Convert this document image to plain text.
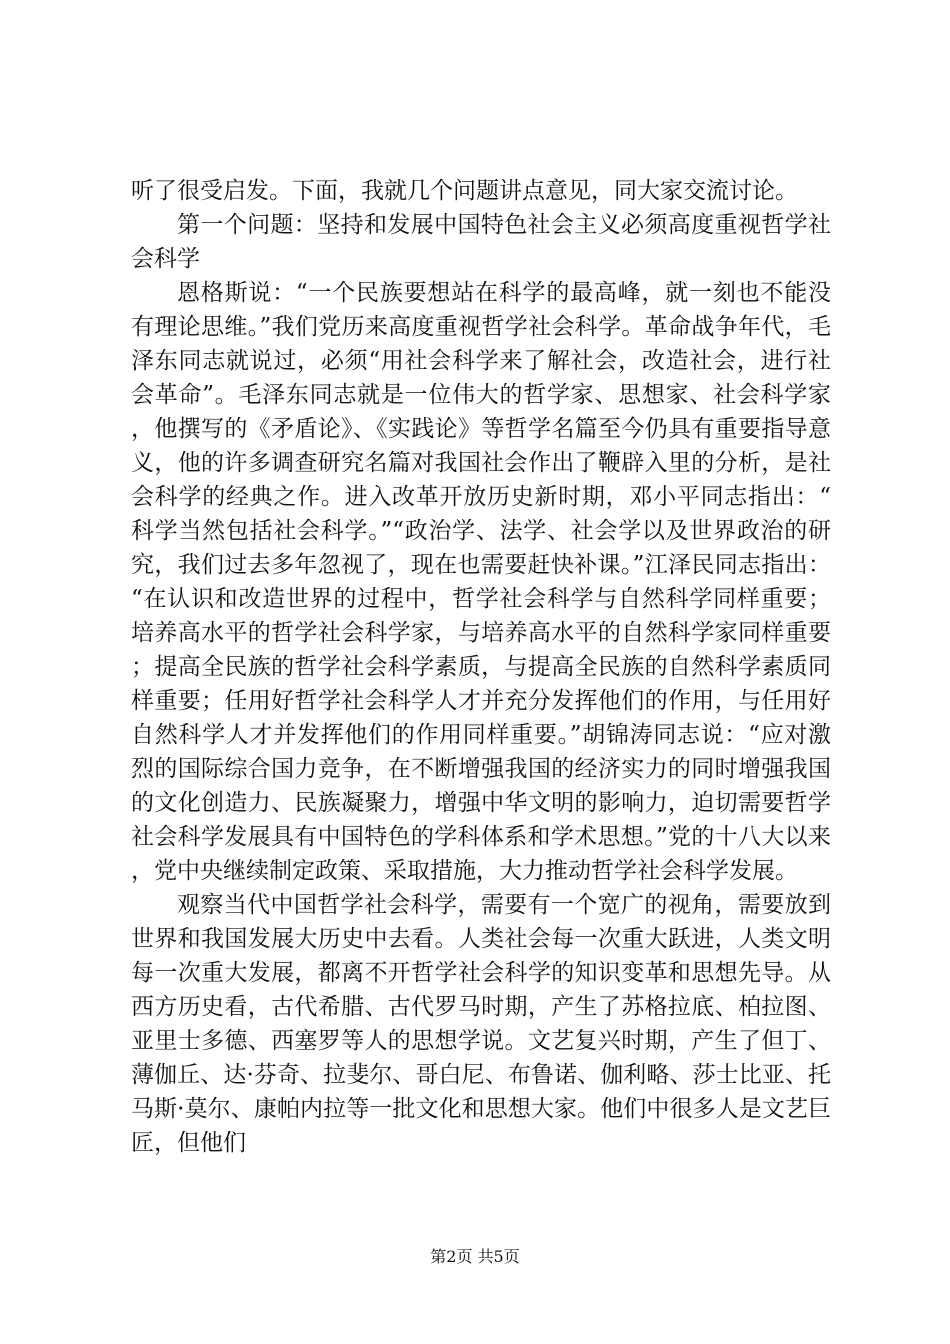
听了很受启发。下面，我就几个问题讲点意见，同大家交流讨论。

第一个问题：坚持和发展中国特色社会主义必须高度重视哲学社会科学

恩格斯说：“一个民族要想站在科学的最高峰，就一刻也不能没有理论思维。”我们党历来高度重视哲学社会科学。革命战争年代，毛泽东同志就说过，必须“用社会科学来了解社会，改造社会，进行社会革命”。毛泽东同志就是一位伟大的哲学家、思想家、社会科学家，他撰写的《矛盾论》、《实践论》等哲学名篇至今仍具有重要指导意义，他的许多调查研究名篇对我国社会作出了鞭辟入里的分析，是社会科学的经典之作。进入改革开放历史新时期，邓小平同志指出：“科学当然包括社会科学。”“政治学、法学、社会学以及世界政治的研究，我们过去多年忽视了，现在也需要赶快补课。”江泽民同志指出：“在认识和改造世界的过程中，哲学社会科学与自然科学同样重要；培养高水平的哲学社会科学家，与培养高水平的自然科学家同样重要；提高全民族的哲学社会科学素质，与提高全民族的自然科学素质同样重要；任用好哲学社会科学人才并充分发挥他们的作用，与任用好自然科学人才并发挥他们的作用同样重要。”胡锦涛同志说：“应对激烈的国际综合国力竞争，在不断增强我国的经济实力的同时增强我国的文化创造力、民族凝聚力，增强中华文明的影响力，迫切需要哲学社会科学发展具有中国特色的学科体系和学术思想。”党的十八大以来，党中央继续制定政策、采取措施，大力推动哲学社会科学发展。

观察当代中国哲学社会科学，需要有一个宽广的视角，需要放到世界和我国发展大历史中去看。人类社会每一次重大跃进，人类文明每一次重大发展，都离不开哲学社会科学的知识变革和思想先导。从西方历史看，古代希腊、古代罗马时期，产生了苏格拉底、柏拉图、亚里士多德、西塞罗等人的思想学说。文艺复兴时期，产生了但丁、薄伽丘、达·芬奇、拉斐尔、哥白尼、布鲁诺、伽利略、莎士比亚、托马斯·莫尔、康帕内拉等一批文化和思想大家。他们中很多人是文艺巨匠，但他们

第2页 共5页
